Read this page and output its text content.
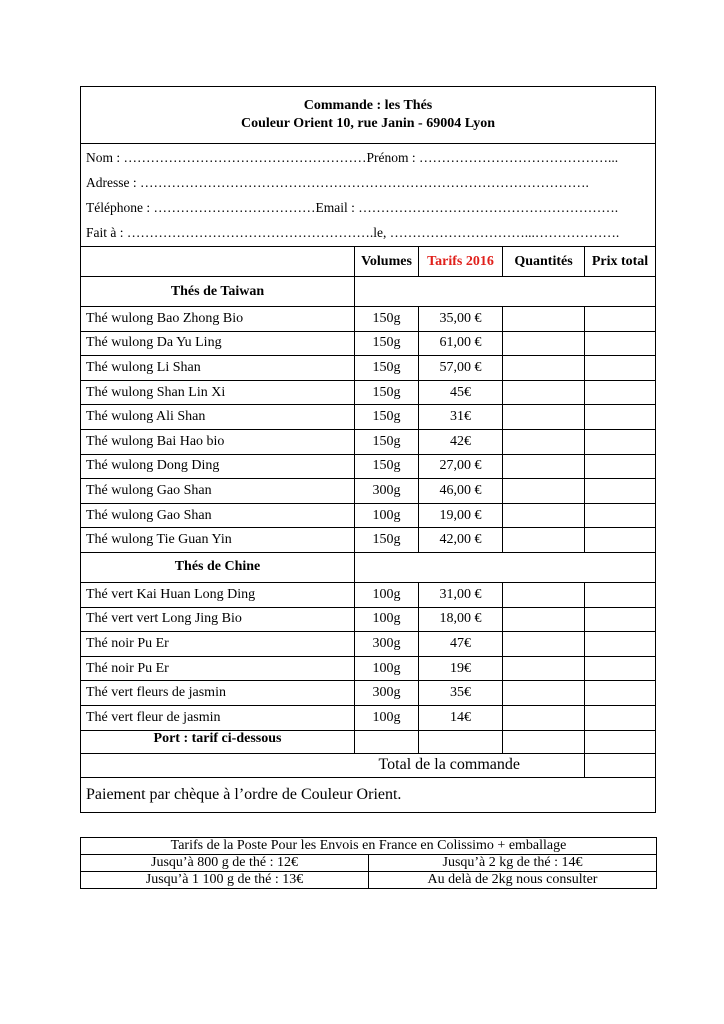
Commande : les Thés
Couleur Orient 10, rue Janin - 69004 Lyon				

Nom : ………………………………………………Prénom : ……………………………………...
Adresse : ……………………………………………………………………………………….
Téléphone : ………………………………Email : ………………………………………………….
Fait à : ……………………………………………….le, …………………………...……………….				

	Volumes	Tarifs 2016	Quantités	Prix total
Thés de Taiwan				
Thé wulong Bao Zhong Bio	150g	35,00 €		
Thé wulong Da Yu Ling	150g	61,00 €		
Thé wulong Li Shan	150g	57,00 €		
Thé wulong Shan Lin Xi	150g	45€		
Thé wulong Ali Shan	150g	31€		
Thé wulong Bai Hao bio	150g	42€		
Thé wulong Dong Ding	150g	27,00 €		
Thé wulong Gao Shan	300g	46,00 €		
Thé wulong Gao Shan	100g	19,00 €		
Thé wulong Tie Guan Yin	150g	42,00 €		
Thés de Chine				
Thé vert Kai Huan Long Ding	100g	31,00 €		
Thé vert vert Long Jing Bio	100g	18,00 €		
Thé noir Pu Er	300g	47€		
Thé noir Pu Er	100g	19€		
Thé vert fleurs de jasmin	300g	35€		
Thé vert fleur de jasmin	100g	14€		
Port : tarif ci-dessous				
Total de la commande				
Paiement par chèque à l’ordre de Couleur Orient.				
Tarifs de la Poste Pour les Envois en France en Colissimo + emballage	
Jusqu’à 800 g de thé : 12€	Jusqu’à 2 kg de thé : 14€
Jusqu’à 1 100 g de thé : 13€	Au delà de 2kg nous consulter
